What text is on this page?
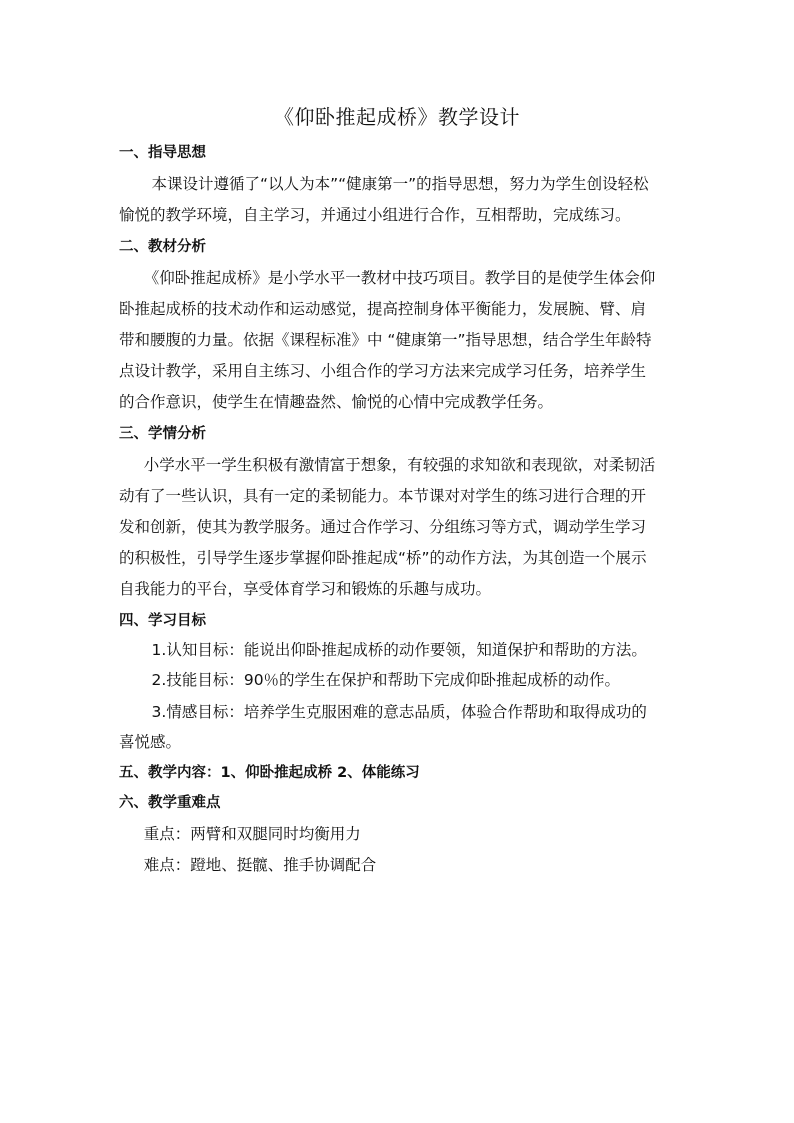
《仰卧推起成桥》教学设计

一、指导思想

本课设计遵循了“以人为本”“健康第一”的指导思想，努力为学生创设轻松愉悦的教学环境，自主学习，并通过小组进行合作，互相帮助，完成练习。

二、教材分析

《仰卧推起成桥》是小学水平一教材中技巧项目。教学目的是使学生体会仰卧推起成桥的技术动作和运动感觉，提高控制身体平衡能力，发展腕、臂、肩带和腰腹的力量。依据《课程标准》中 “健康第一”指导思想，结合学生年龄特点设计教学，采用自主练习、小组合作的学习方法来完成学习任务，培养学生的合作意识，使学生在情趣盎然、愉悦的心情中完成教学任务。

三、学情分析

小学水平一学生积极有激情富于想象，有较强的求知欲和表现欲，对柔韧活动有了一些认识，具有一定的柔韧能力。本节课对对学生的练习进行合理的开发和创新，使其为教学服务。通过合作学习、分组练习等方式，调动学生学习的积极性，引导学生逐步掌握仰卧推起成“桥”的动作方法，为其创造一个展示自我能力的平台，享受体育学习和锻炼的乐趣与成功。

四、学习目标

1.认知目标：能说出仰卧推起成桥的动作要领，知道保护和帮助的方法。

2.技能目标：90％的学生在保护和帮助下完成仰卧推起成桥的动作。

3.情感目标：培养学生克服困难的意志品质，体验合作帮助和取得成功的喜悦感。

五、教学内容：1、仰卧推起成桥 2、体能练习

六、教学重难点

重点：两臂和双腿同时均衡用力

难点：蹬地、挺髋、推手协调配合
